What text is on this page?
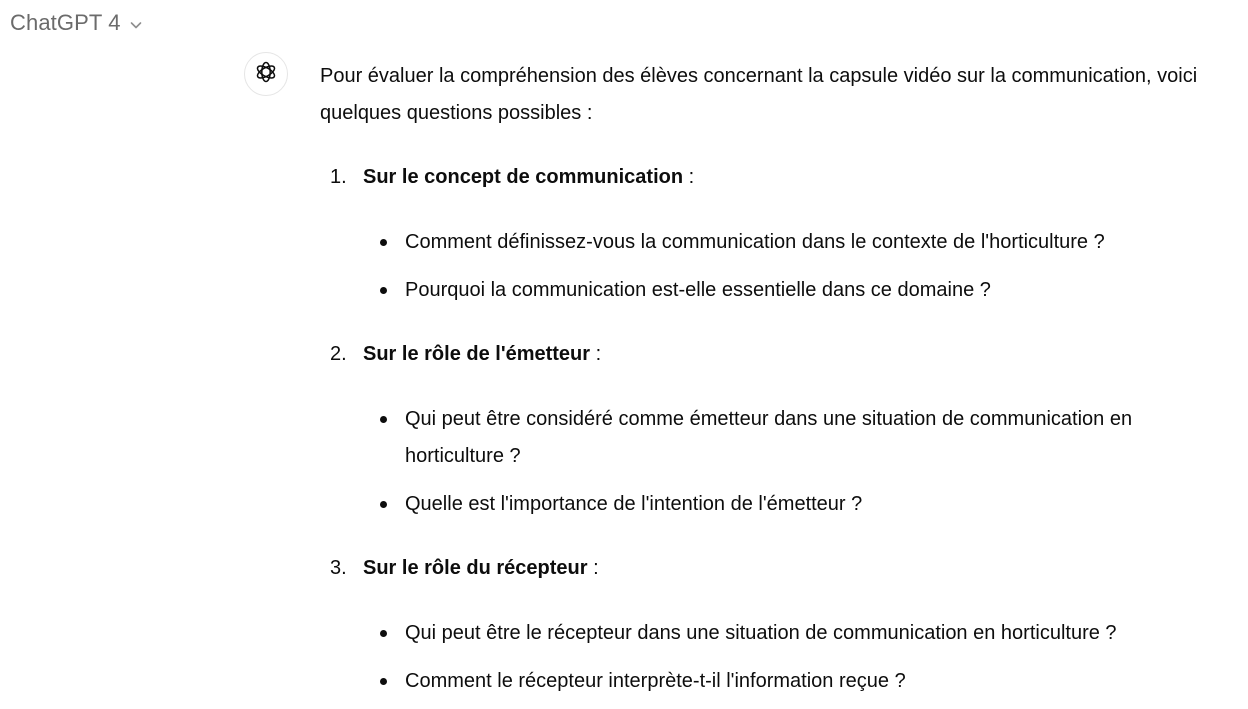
ChatGPT 4

Pour évaluer la compréhension des élèves concernant la capsule vidéo sur la communication, voici quelques questions possibles :

1. Sur le concept de communication :

Comment définissez-vous la communication dans le contexte de l'horticulture ?
Pourquoi la communication est-elle essentielle dans ce domaine ?
2. Sur le rôle de l'émetteur :

Qui peut être considéré comme émetteur dans une situation de communication en horticulture ?
Quelle est l'importance de l'intention de l'émetteur ?
3. Sur le rôle du récepteur :

Qui peut être le récepteur dans une situation de communication en horticulture ?
Comment le récepteur interprète-t-il l'information reçue ?
